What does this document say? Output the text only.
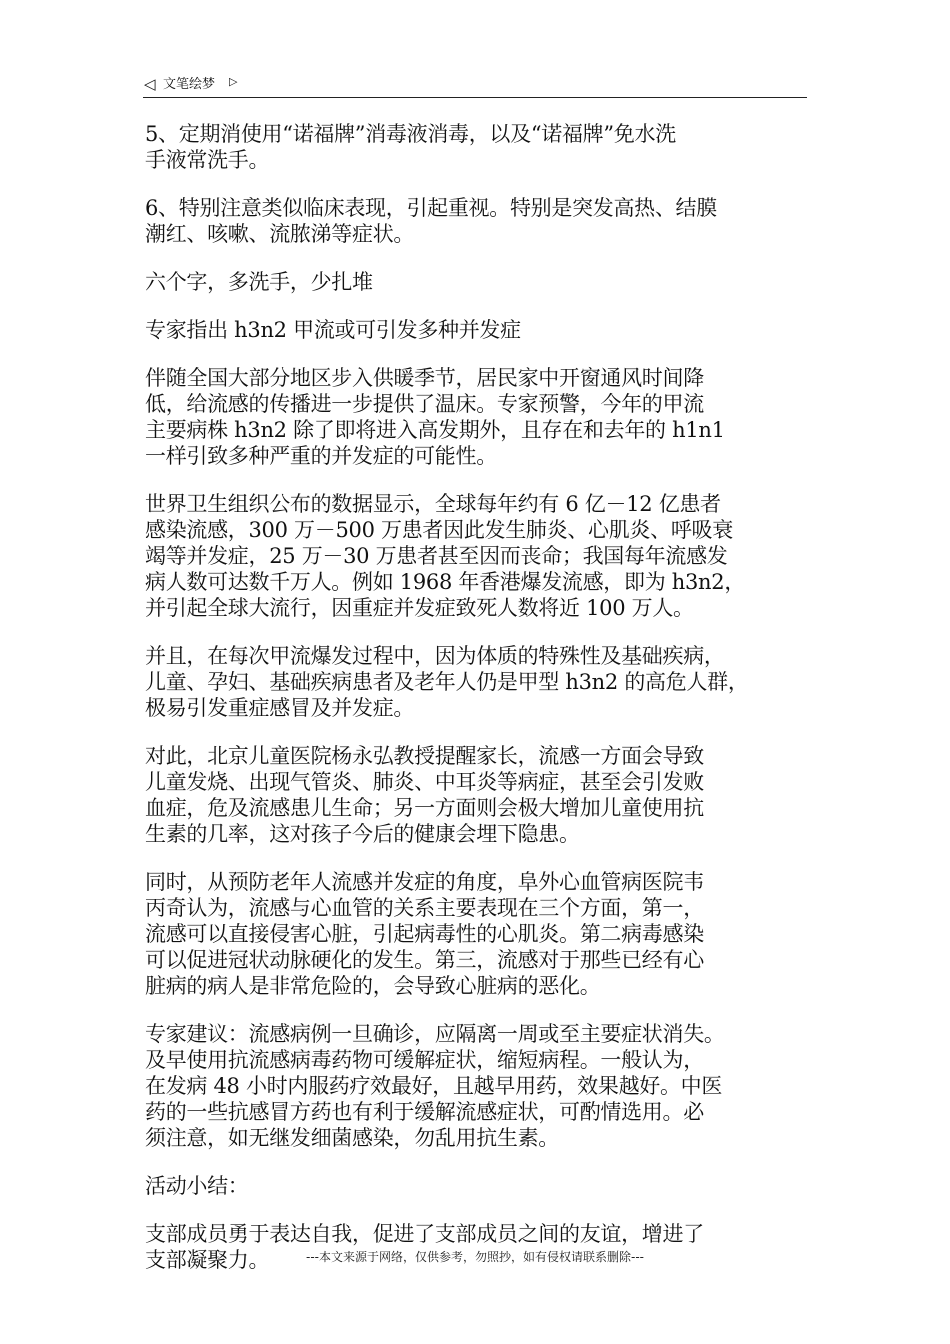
◁ 文笔绘梦 ▷

5、定期消使用“诺福牌”消毒液消毒，以及“诺福牌”免水洗
手液常洗手。

6、特别注意类似临床表现，引起重视。特别是突发高热、结膜
潮红、咳嗽、流脓涕等症状。

六个字，多洗手，少扎堆

专家指出 h3n2 甲流或可引发多种并发症

伴随全国大部分地区步入供暖季节，居民家中开窗通风时间降
低，给流感的传播进一步提供了温床。专家预警，今年的甲流
主要病株 h3n2 除了即将进入高发期外，且存在和去年的 h1n1
一样引致多种严重的并发症的可能性。

世界卫生组织公布的数据显示，全球每年约有 6 亿－12 亿患者
感染流感，300 万－500 万患者因此发生肺炎、心肌炎、呼吸衰
竭等并发症，25 万－30 万患者甚至因而丧命；我国每年流感发
病人数可达数千万人。例如 1968 年香港爆发流感，即为 h3n2，
并引起全球大流行，因重症并发症致死人数将近 100 万人。

并且，在每次甲流爆发过程中，因为体质的特殊性及基础疾病，
儿童、孕妇、基础疾病患者及老年人仍是甲型 h3n2 的高危人群，
极易引发重症感冒及并发症。

对此，北京儿童医院杨永弘教授提醒家长，流感一方面会导致
儿童发烧、出现气管炎、肺炎、中耳炎等病症，甚至会引发败
血症，危及流感患儿生命；另一方面则会极大增加儿童使用抗
生素的几率，这对孩子今后的健康会埋下隐患。

同时，从预防老年人流感并发症的角度，阜外心血管病医院韦
丙奇认为，流感与心血管的关系主要表现在三个方面，第一，
流感可以直接侵害心脏，引起病毒性的心肌炎。第二病毒感染
可以促进冠状动脉硬化的发生。第三，流感对于那些已经有心
脏病的病人是非常危险的，会导致心脏病的恶化。

专家建议：流感病例一旦确诊，应隔离一周或至主要症状消失。
及早使用抗流感病毒药物可缓解症状，缩短病程。一般认为，
在发病 48 小时内服药疗效最好，且越早用药，效果越好。中医
药的一些抗感冒方药也有利于缓解流感症状，可酌情选用。必
须注意，如无继发细菌感染，勿乱用抗生素。

活动小结：

支部成员勇于表达自我，促进了支部成员之间的友谊，增进了
支部凝聚力。	---本文来源于网络，仅供参考，勿照抄，如有侵权请联系删除---
